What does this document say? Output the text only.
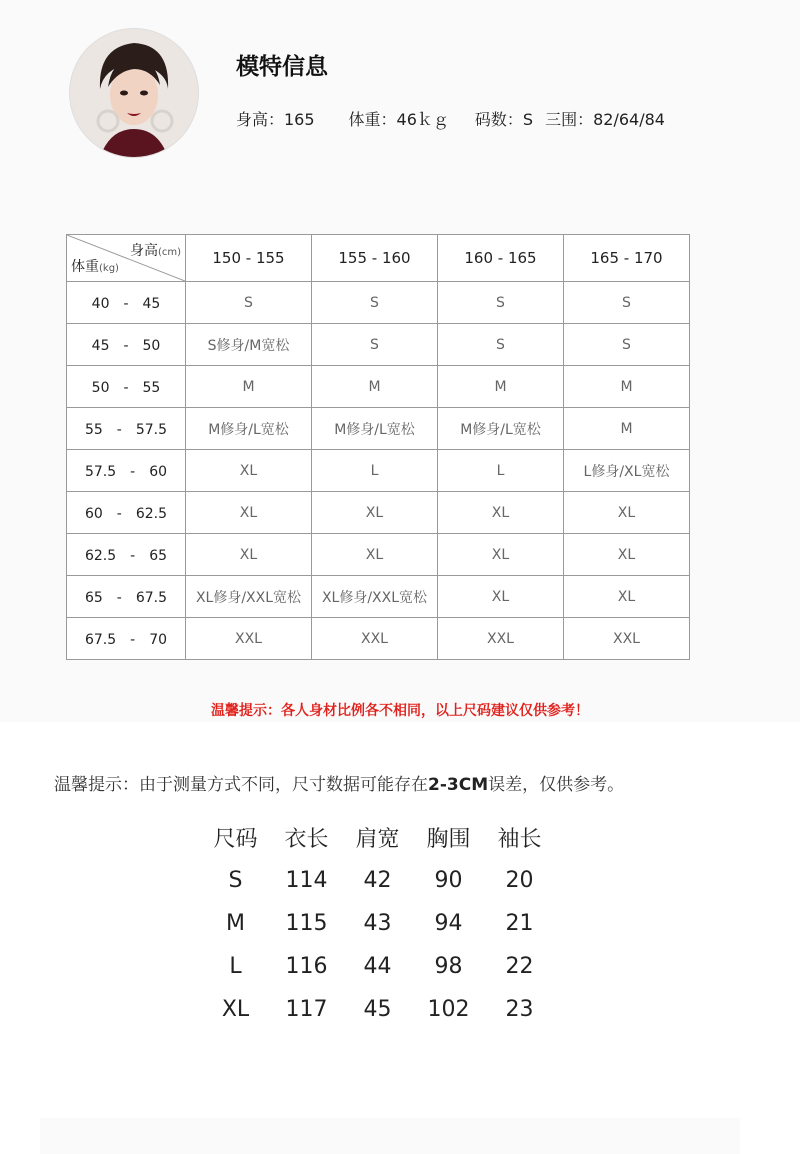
模特信息
身高：165 体重：46ｋｇ 码数：S 三围：82/64/84
身高(cm)
体重(kg)	150 - 155	155 - 160	160 - 165	165 - 170
40　-　45	S	S	S	S
45　-　50	S修身/M宽松	S	S	S
50　-　55	M	M	M	M
55　-　57.5	M修身/L宽松	M修身/L宽松	M修身/L宽松	M
57.5　-　60	XL	L	L	L修身/XL宽松
60　-　62.5	XL	XL	XL	XL
62.5　-　65	XL	XL	XL	XL
65　-　67.5	XL修身/XXL宽松	XL修身/XXL宽松	XL	XL
67.5　-　70	XXL	XXL	XXL	XXL
温馨提示：各人身材比例各不相同，以上尺码建议仅供参考！
温馨提示：由于测量方式不同，尺寸数据可能存在2-3CM误差，仅供参考。
尺码	衣长	肩宽	胸围	袖长
S	114	42	90	20
M	115	43	94	21
L	116	44	98	22
XL	117	45	102	23
